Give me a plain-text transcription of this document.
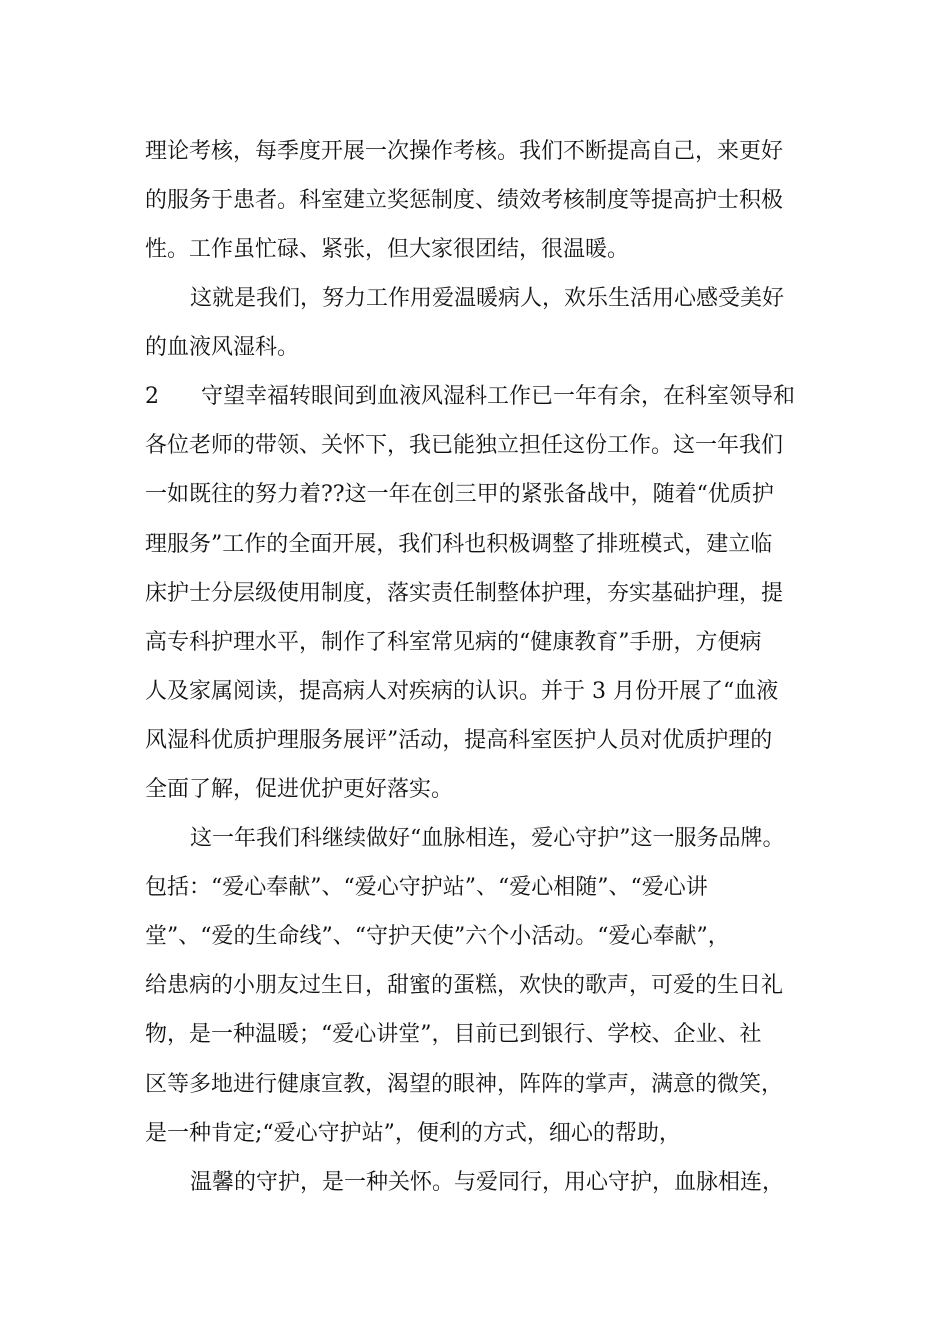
理论考核，每季度开展一次操作考核。我们不断提高自己，来更好
的服务于患者。科室建立奖惩制度、绩效考核制度等提高护士积极
性。工作虽忙碌、紧张，但大家很团结，很温暖。
这就是我们，努力工作用爱温暖病人，欢乐生活用心感受美好
的血液风湿科。
2 守望幸福转眼间到血液风湿科工作已一年有余，在科室领导和
各位老师的带领、关怀下，我已能独立担任这份工作。这一年我们
一如既往的努力着??这一年在创三甲的紧张备战中，随着“优质护
理服务”工作的全面开展，我们科也积极调整了排班模式，建立临
床护士分层级使用制度，落实责任制整体护理，夯实基础护理，提
高专科护理水平，制作了科室常见病的“健康教育”手册，方便病
人及家属阅读，提高病人对疾病的认识。并于 3 月份开展了“血液
风湿科优质护理服务展评”活动，提高科室医护人员对优质护理的
全面了解，促进优护更好落实。
这一年我们科继续做好“血脉相连，爱心守护”这一服务品牌。
包括：“爱心奉献”、“爱心守护站”、“爱心相随”、“爱心讲
堂”、“爱的生命线”、“守护天使”六个小活动。“爱心奉献”，
给患病的小朋友过生日，甜蜜的蛋糕，欢快的歌声，可爱的生日礼
物，是一种温暖；“爱心讲堂”，目前已到银行、学校、企业、社
区等多地进行健康宣教，渴望的眼神，阵阵的掌声，满意的微笑，
是一种肯定;“爱心守护站”，便利的方式，细心的帮助，
温馨的守护，是一种关怀。与爱同行，用心守护，血脉相连，
